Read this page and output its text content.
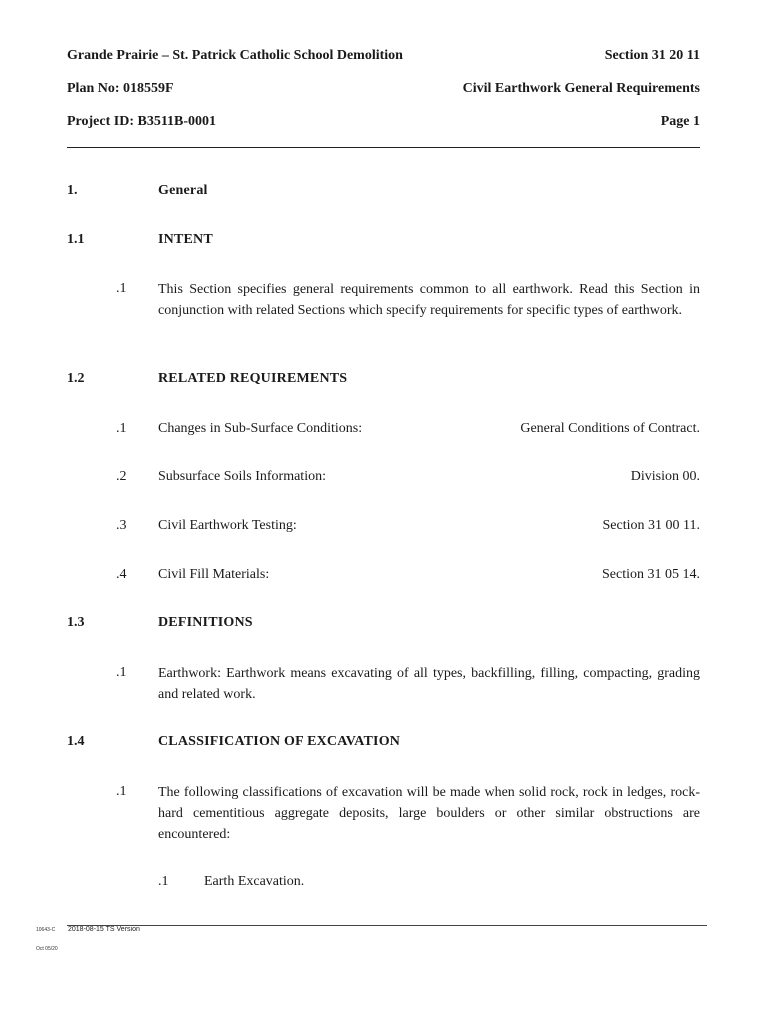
Grande Prairie – St. Patrick Catholic School Demolition	Section 31 20 11
Plan No: 018559F	Civil Earthwork General Requirements
Project ID: B3511B-0001	Page 1
1.	General
1.1	INTENT
.1 This Section specifies general requirements common to all earthwork. Read this Section in conjunction with related Sections which specify requirements for specific types of earthwork.
1.2	RELATED REQUIREMENTS
.1 Changes in Sub-Surface Conditions:	General Conditions of Contract.
.2 Subsurface Soils Information:	Division 00.
.3 Civil Earthwork Testing:	Section 31 00 11.
.4 Civil Fill Materials:	Section 31 05 14.
1.3	DEFINITIONS
.1 Earthwork: Earthwork means excavating of all types, backfilling, filling, compacting, grading and related work.
1.4	CLASSIFICATION OF EXCAVATION
.1 The following classifications of excavation will be made when solid rock, rock in ledges, rock-hard cementitious aggregate deposits, large boulders or other similar obstructions are encountered:
.1	Earth Excavation.
10643-C 2018-08-15 TS Version
Oct 05/20
